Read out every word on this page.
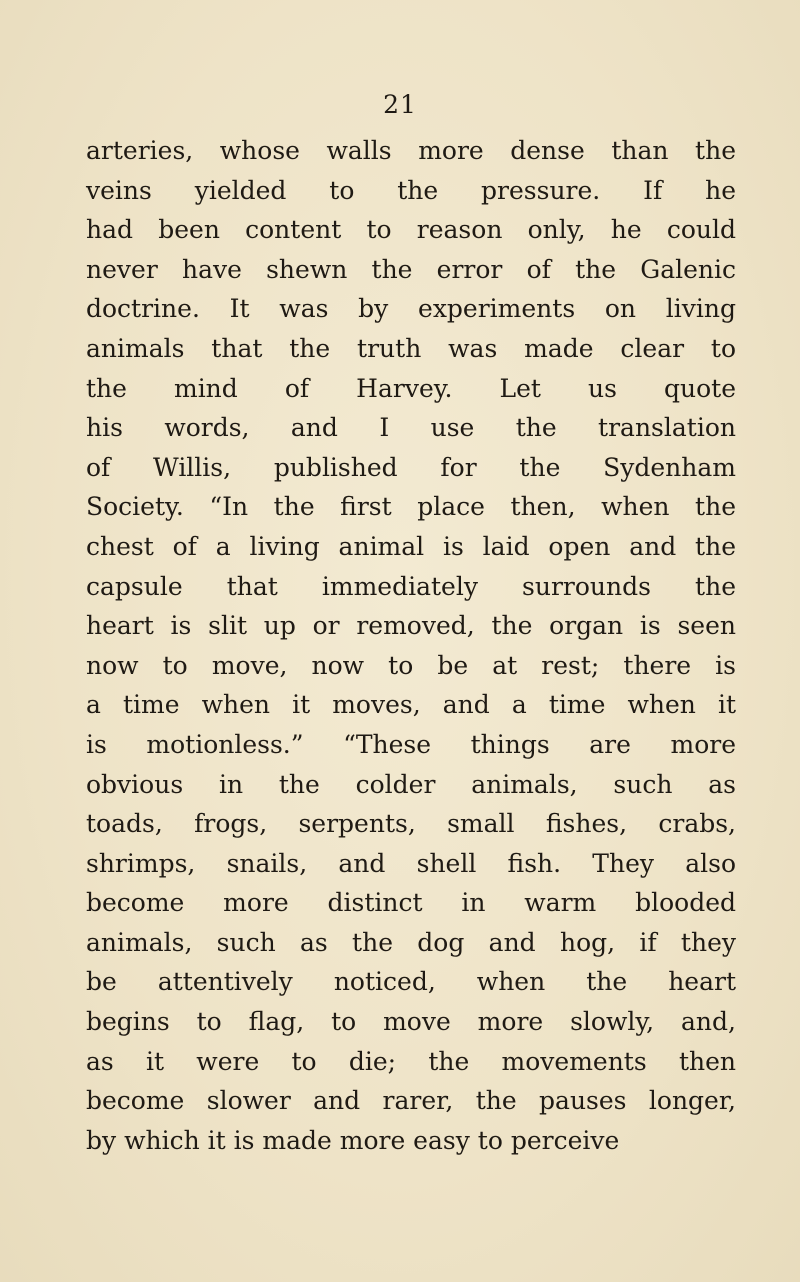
21
arteries, whose walls more dense than the
veins yielded to the pressure. If he
had been content to reason only, he could
never have shewn the error of the Galenic
doctrine. It was by experiments on living
animals that the truth was made clear to
the mind of Harvey. Let us quote
his words, and I use the translation
of Willis, published for the Sydenham
Society. “In the first place then, when the
chest of a living animal is laid open and the
capsule that immediately surrounds the
heart is slit up or removed, the organ is seen
now to move, now to be at rest; there is
a time when it moves, and a time when it
is motionless.” “These things are more
obvious in the colder animals, such as
toads, frogs, serpents, small fishes, crabs,
shrimps, snails, and shell fish. They also
become more distinct in warm blooded
animals, such as the dog and hog, if they
be attentively noticed, when the heart
begins to flag, to move more slowly, and,
as it were to die; the movements then
become slower and rarer, the pauses longer,
by which it is made more easy to perceive
